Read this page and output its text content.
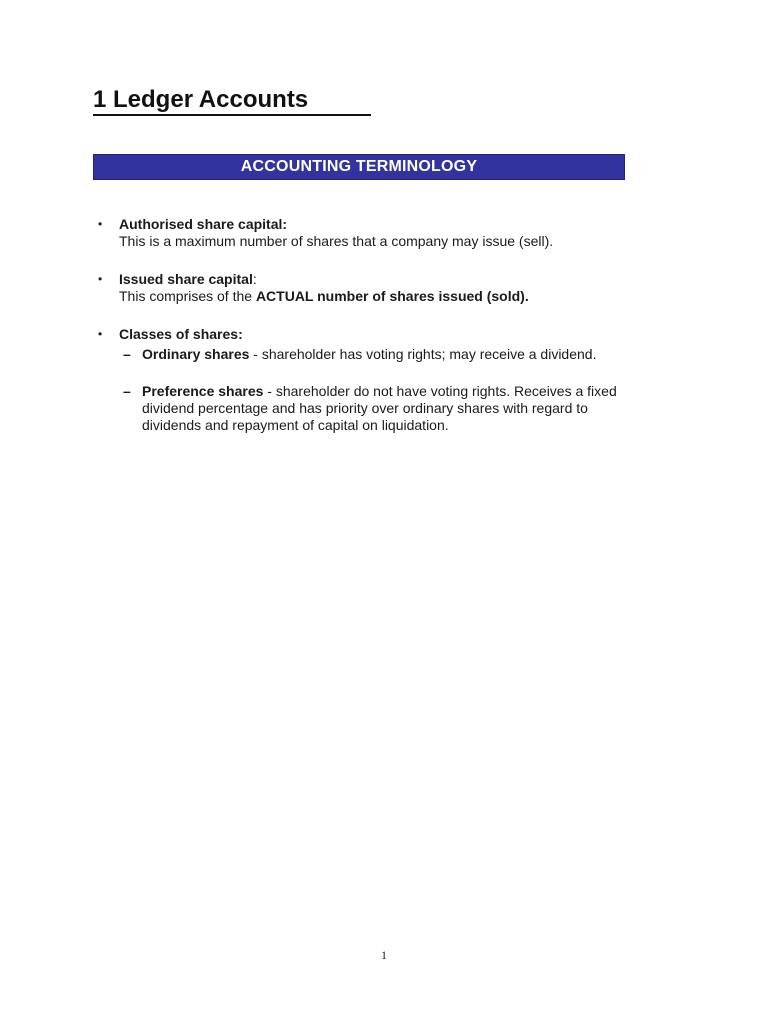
1 Ledger Accounts
ACCOUNTING TERMINOLOGY
• Authorised share capital:
This is a maximum number of shares that a company may issue (sell).
• Issued share capital:
This comprises of the ACTUAL number of shares issued (sold).
• Classes of shares:
– Ordinary shares - shareholder has voting rights; may receive a dividend.
– Preference shares - shareholder do not have voting rights. Receives a fixed dividend percentage and has priority over ordinary shares with regard to dividends and repayment of capital on liquidation.
1
